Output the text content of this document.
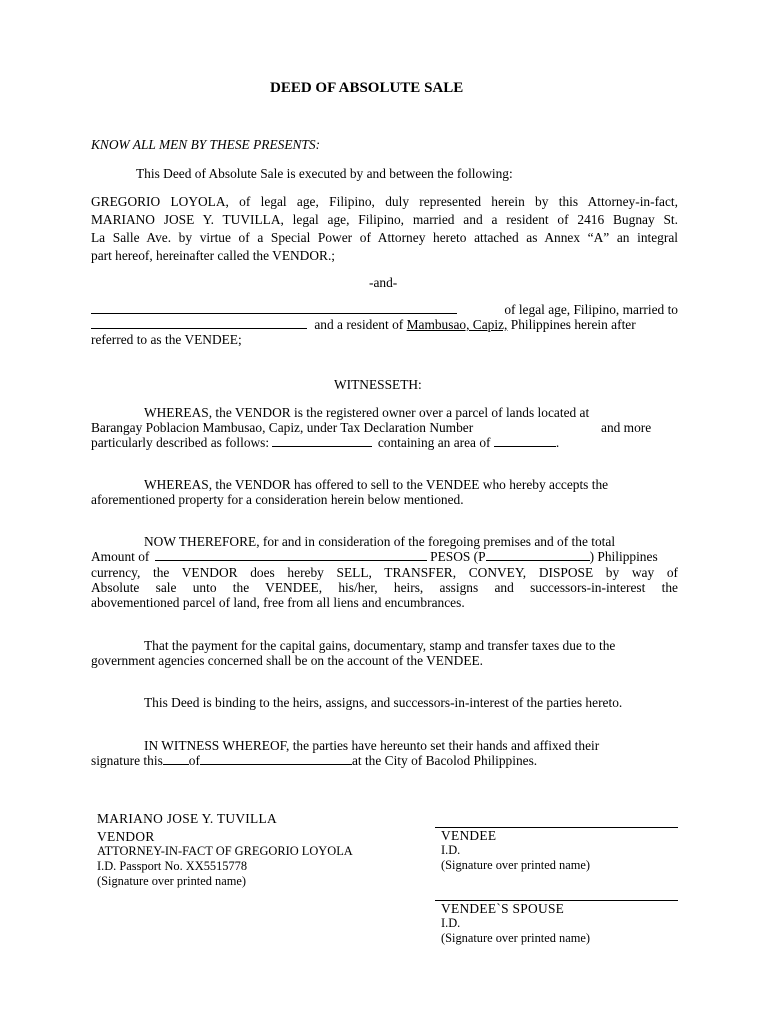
DEED OF ABSOLUTE SALE
KNOW ALL MEN BY THESE PRESENTS:
This Deed of Absolute Sale is executed by and between the following:
GREGORIO LOYOLA, of legal age, Filipino, duly represented herein by this Attorney-in-fact,
MARIANO JOSE Y. TUVILLA, legal age, Filipino, married and a resident of 2416 Bugnay St.
La Salle Ave. by virtue of a Special Power of Attorney hereto attached as Annex “A” an integral
part hereof, hereinafter called the VENDOR.;
-and-
of legal age, Filipino, married to
and a resident of Mambusao, Capiz, Philippines herein after
referred to as the VENDEE;
WITNESSETH:
WHEREAS, the VENDOR is the registered owner over a parcel of lands located at
Barangay Poblacion Mambusao, Capiz, under Tax Declaration Number	and more
particularly described as follows:	containing an area of	.
WHEREAS, the VENDOR has offered to sell to the VENDEE who hereby accepts the
aforementioned property for a consideration herein below mentioned.
NOW THEREFORE, for and in consideration of the foregoing premises and of the total
Amount of	PESOS (P	) Philippines
currency, the VENDOR does hereby SELL, TRANSFER, CONVEY, DISPOSE by way of
Absolute sale unto the VENDEE, his/her, heirs, assigns and successors-in-interest the
abovementioned parcel of land, free from all liens and encumbrances.
That the payment for the capital gains, documentary, stamp and transfer taxes due to the
government agencies concerned shall be on the account of the VENDEE.
This Deed is binding to the heirs, assigns, and successors-in-interest of the parties hereto.
IN WITNESS WHEREOF, the parties have hereunto set their hands and affixed their
signature this of	at the City of Bacolod Philippines.
MARIANO JOSE Y. TUVILLA
VENDOR
ATTORNEY-IN-FACT OF GREGORIO LOYOLA
I.D. Passport No. XX5515778
(Signature over printed name)
VENDEE
I.D.
(Signature over printed name)
VENDEE`S SPOUSE
I.D.
(Signature over printed name)
